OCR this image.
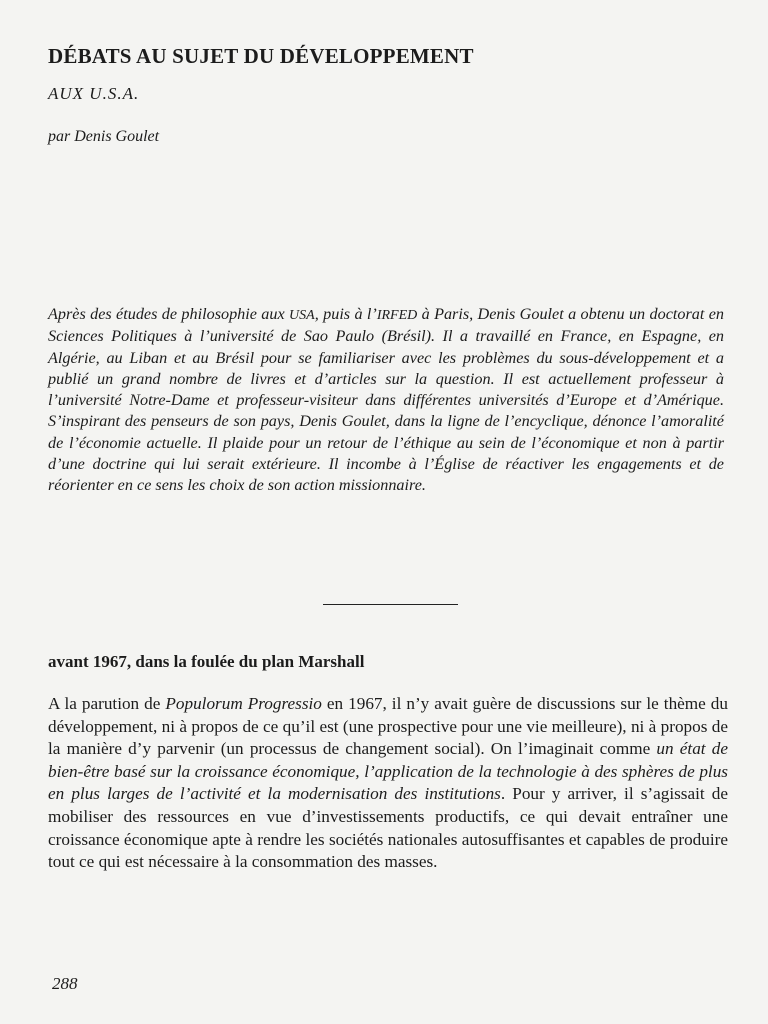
DÉBATS AU SUJET DU DÉVELOPPEMENT

AUX U.S.A.

par Denis Goulet

Après des études de philosophie aux USA, puis à l’IRFED à Paris, Denis Goulet a obtenu un doctorat en Sciences Politiques à l’université de Sao Paulo (Brésil). Il a travaillé en France, en Espagne, en Algérie, au Liban et au Brésil pour se familiariser avec les problèmes du sous-développement et a publié un grand nombre de livres et d’articles sur la question. Il est actuellement professeur à l’université Notre-Dame et professeur-visiteur dans différentes universités d’Europe et d’Amérique. S’inspirant des penseurs de son pays, Denis Goulet, dans la ligne de l’encyclique, dénonce l’amoralité de l’économie actuelle. Il plaide pour un retour de l’éthique au sein de l’économique et non à partir d’une doctrine qui lui serait extérieure. Il incombe à l’Église de réactiver les engagements et de réorienter en ce sens les choix de son action missionnaire.

avant 1967, dans la foulée du plan Marshall

A la parution de Populorum Progressio en 1967, il n’y avait guère de discussions sur le thème du développement, ni à propos de ce qu’il est (une prospective pour une vie meilleure), ni à propos de la manière d’y parvenir (un processus de changement social). On l’imaginait comme un état de bien-être basé sur la croissance économique, l’application de la technologie à des sphères de plus en plus larges de l’activité et la modernisation des institutions. Pour y arriver, il s’agissait de mobiliser des ressources en vue d’investissements productifs, ce qui devait entraîner une croissance économique apte à rendre les sociétés nationales autosuffisantes et capables de produire tout ce qui est nécessaire à la consommation des masses.

288
